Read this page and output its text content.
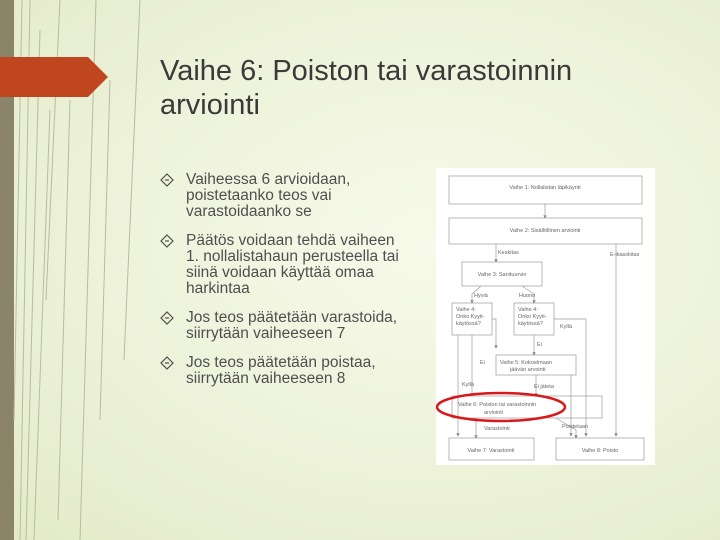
Vaihe 6: Poiston tai varastoinnin arviointi
Vaiheessa 6 arvioidaan, poistetaanko teos vai varastoidaanko se
Päätös voidaan tehdä vaiheen 1. nollalistahaun perusteella tai siinä voidaan käyttää omaa harkintaa
Jos teos päätetään varastoida, siirrytään vaiheeseen 7
Jos teos päätetään poistaa, siirrytään vaiheeseen 8
Vaihe 1: Nollalistan läpikäynti
Vaihe 2: Sisällöllinen arviointi
Keskitas	E-ikasskitas
Vaihe 3: Sanituurvio
Hyviä	Huono
Vaihe 4:
Onko Kyyti-
käytössä?
Vaihe 4:
Onko Kyyti-
käytössä?	Kyllä
Ei
Ei	Vaihe 5: Kokoelmaan
jäävän arvointi
Kyllä	Ei jäteta
Vaihe 6: Poiston tai varastoinnin
arviointi
Varastointi	Poistetaan
Vaihe 7: Varastointi	Vaihe 8: Poisto
